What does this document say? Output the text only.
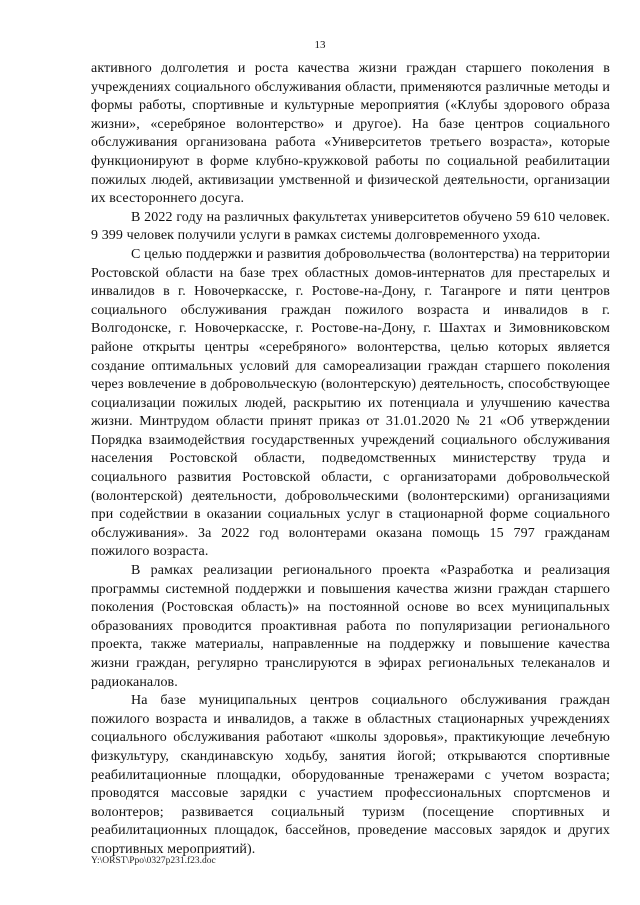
13

активного долголетия и роста качества жизни граждан старшего поколения в учреждениях социального обслуживания области, применяются различные методы и формы работы, спортивные и культурные мероприятия («Клубы здорового образа жизни», «серебряное волонтерство» и другое). На базе центров социального обслуживания организована работа «Университетов третьего возраста», которые функционируют в форме клубно-кружковой работы по социальной реабилитации пожилых людей, активизации умственной и физической деятельности, организации их всестороннего досуга.

В 2022 году на различных факультетах университетов обучено 59 610 человек. 9 399 человек получили услуги в рамках системы долговременного ухода.

С целью поддержки и развития добровольчества (волонтерства) на территории Ростовской области на базе трех областных домов-интернатов для престарелых и инвалидов в г. Новочеркасске, г. Ростове-на-Дону, г. Таганроге и пяти центров социального обслуживания граждан пожилого возраста и инвалидов в г. Волгодонске, г. Новочеркасске, г. Ростове-на-Дону, г. Шахтах и Зимовниковском районе открыты центры «серебряного» волонтерства, целью которых является создание оптимальных условий для самореализации граждан старшего поколения через вовлечение в добровольческую (волонтерскую) деятельность, способствующее социализации пожилых людей, раскрытию их потенциала и улучшению качества жизни. Минтрудом области принят приказ от 31.01.2020 № 21 «Об утверждении Порядка взаимодействия государственных учреждений социального обслуживания населения Ростовской области, подведомственных министерству труда и социального развития Ростовской области, с организаторами добровольческой (волонтерской) деятельности, добровольческими (волонтерскими) организациями при содействии в оказании социальных услуг в стационарной форме социального обслуживания». За 2022 год волонтерами оказана помощь 15 797 гражданам пожилого возраста.

В рамках реализации регионального проекта «Разработка и реализация программы системной поддержки и повышения качества жизни граждан старшего поколения (Ростовская область)» на постоянной основе во всех муниципальных образованиях проводится проактивная работа по популяризации регионального проекта, также материалы, направленные на поддержку и повышение качества жизни граждан, регулярно транслируются в эфирах региональных телеканалов и радиоканалов.

На базе муниципальных центров социального обслуживания граждан пожилого возраста и инвалидов, а также в областных стационарных учреждениях социального обслуживания работают «школы здоровья», практикующие лечебную физкультуру, скандинавскую ходьбу, занятия йогой; открываются спортивные реабилитационные площадки, оборудованные тренажерами с учетом возраста; проводятся массовые зарядки с участием профессиональных спортсменов и волонтеров; развивается социальный туризм (посещение спортивных и реабилитационных площадок, бассейнов, проведение массовых зарядок и других спортивных мероприятий).

Y:\ORST\Ppo\0327p231.f23.doc
